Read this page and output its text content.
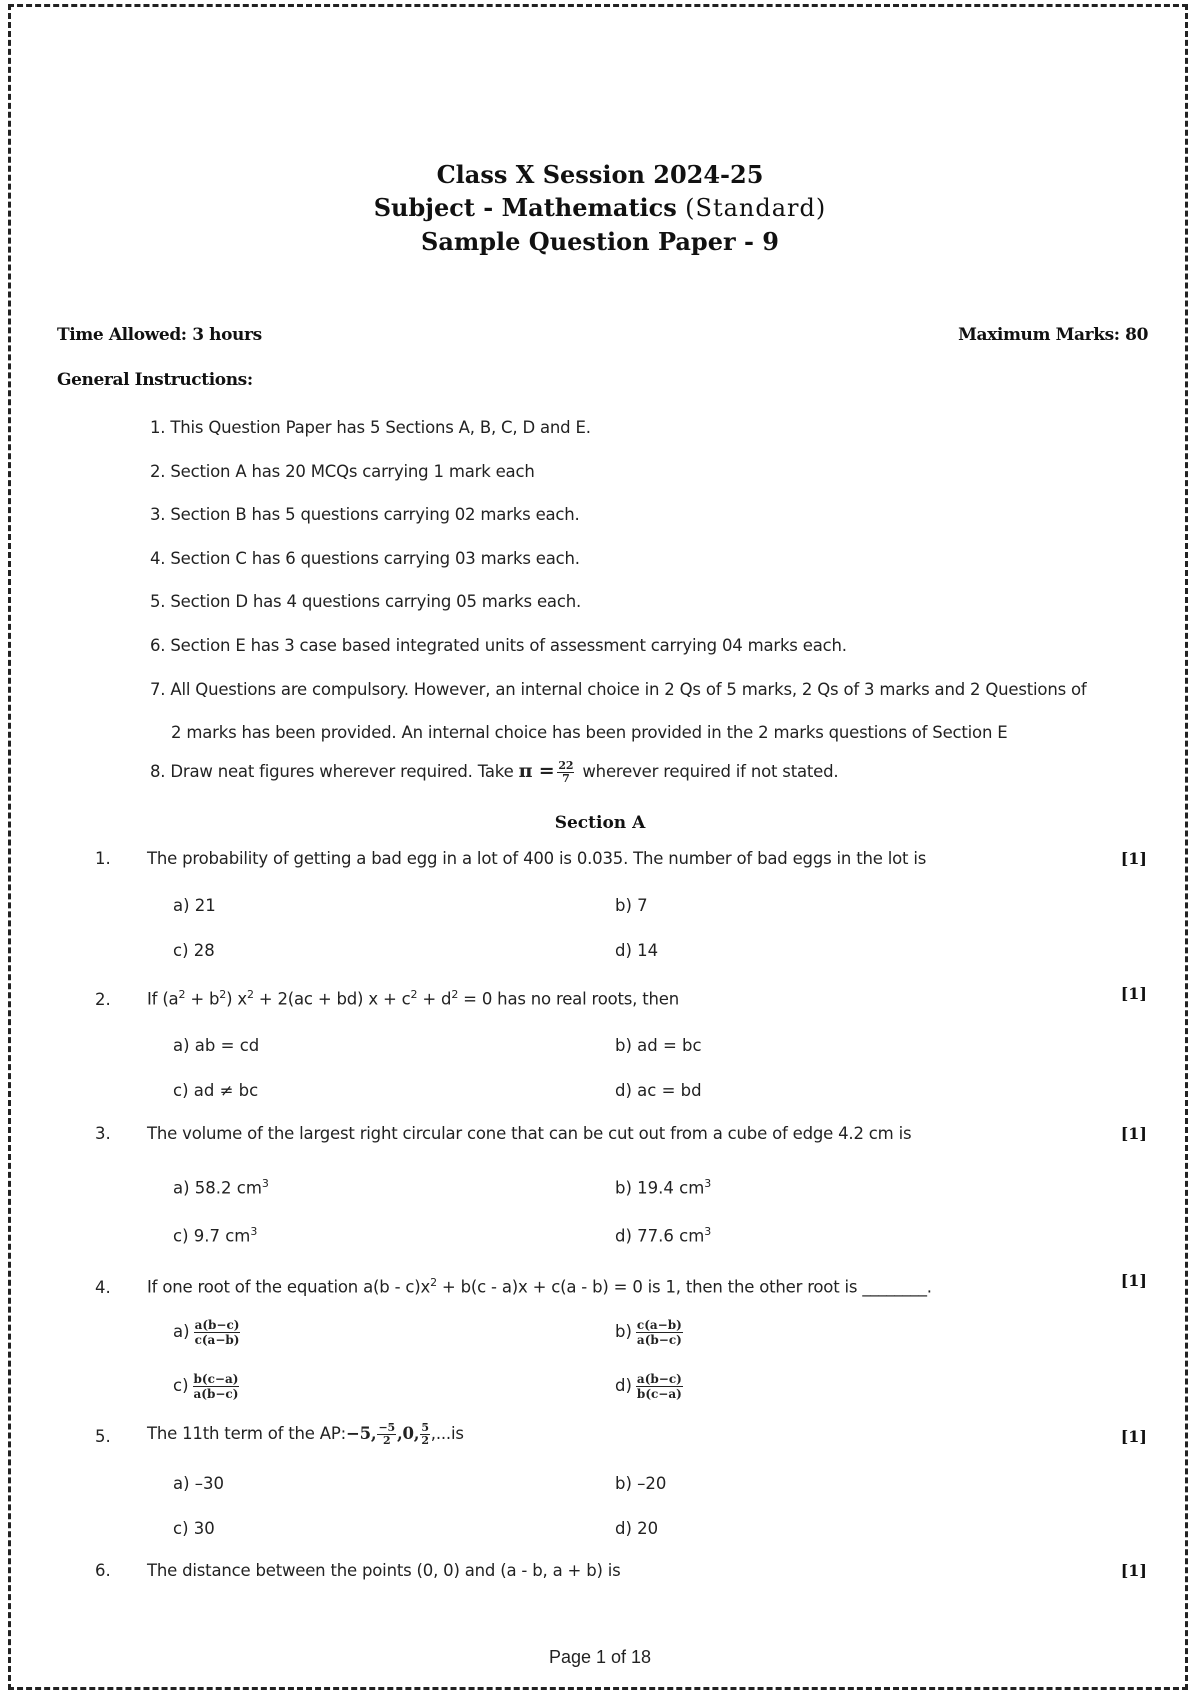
Class X Session 2024-25
Subject - Mathematics (Standard)
Sample Question Paper - 9
Time Allowed: 3 hours	Maximum Marks: 80
General Instructions:
1. This Question Paper has 5 Sections A, B, C, D and E.
2. Section A has 20 MCQs carrying 1 mark each
3. Section B has 5 questions carrying 02 marks each.
4. Section C has 6 questions carrying 03 marks each.
5. Section D has 4 questions carrying 05 marks each.
6. Section E has 3 case based integrated units of assessment carrying 04 marks each.
7. All Questions are compulsory. However, an internal choice in 2 Qs of 5 marks, 2 Qs of 3 marks and 2 Questions of
2 marks has been provided. An internal choice has been provided in the 2 marks questions of Section E
8. Draw neat figures wherever required. Take $\pi = \frac{22}{7}$ wherever required if not stated.
Section A
1. The probability of getting a bad egg in a lot of 400 is 0.035. The number of bad eggs in the lot is	[1]
a) 21	b) 7
c) 28	d) 14
2. If $(a^2 + b^2) x^2 + 2(ac + bd) x + c^2 + d^2 = 0$ has no real roots, then	[1]
a) ab = cd	b) ad = bc
c) ad ≠ bc	d) ac = bd
3. The volume of the largest right circular cone that can be cut out from a cube of edge 4.2 cm is	[1]
a) 58.2 $cm^3$	b) 19.4 $cm^3$
c) 9.7 $cm^3$	d) 77.6 $cm^3$
4. If one root of the equation $a(b - c)x^2 + b(c - a)x + c(a - b) = 0$ is 1, then the other root is ________.	[1]
$a) \frac{a(b-c)}{c(a-b)}$	$b) \frac{c(a-b)}{a(b-c)}$
$c) \frac{b(c-a)}{a(b-c)}$	$d) \frac{a(b-c)}{b(c-a)}$
5. The 11th term of the AP:−5, $\frac{-5}{2} ,0$, $\frac{5}{2} ,...is$	[1]
a) –30	b) –20
c) 30	d) 20
6. The distance between the points (0, 0) and (a - b, a + b) is	[1]
Page 1 of 18
